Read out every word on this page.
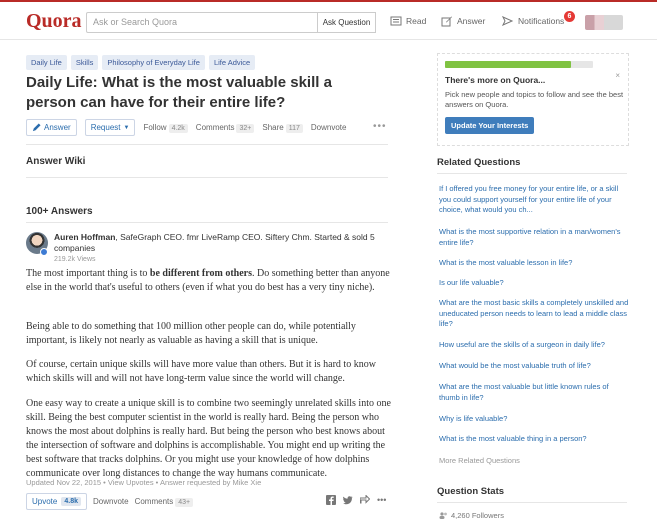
Quora	Ask or Search Quora	Ask Question	Read	Answer	Notifications 6
Daily Life	Skills	Philosophy of Everyday Life	Life Advice
Daily Life: What is the most valuable skill a person can have for their entire life?
Answer	Request ▼ Follow 4.2k	Comments 32+	Share 117	Downvote	•••
Answer Wiki
100+ Answers
Auren Hoffman, SafeGraph CEO. fmr LiveRamp CEO. Siftery Chm. Started & sold 5 companies
219.2k Views
The most important thing is to be different from others. Do something better than anyone else in the world that's useful to others (even if what you do best has a very tiny niche).
Being able to do something that 100 million other people can do, while potentially important, is likely not nearly as valuable as having a skill that is unique.
Of course, certain unique skills will have more value than others. But it is hard to know which skills will and will not have long-term value since the world will change.
One easy way to create a unique skill is to combine two seemingly unrelated skills into one skill. Being the best computer scientist in the world is really hard. Being the person who knows the most about dolphins is really hard. But being the person who best knows about the intersection of software and dolphins is accomplishable. You might end up writing the best software that tracks dolphins. Or you might use your knowledge of how dolphins communicate over long distances to change the way humans communicate.
Updated Nov 22, 2015 • View Upvotes • Answer requested by Mike Xie
Upvote	4.8k	Downvote Comments 43+	•••
There's more on Quora...	×
Pick new people and topics to follow and see the best answers on Quora.
Update Your Interests
Related Questions
If I offered you free money for your entire life, or a skill you could support yourself for your entire life of your choice, what would you ch...
What is the most supportive relation in a man/women's entire life?
What is the most valuable lesson in life?
Is our life valuable?
What are the most basic skills a completely unskilled and uneducated person needs to learn to lead a middle class life?
How useful are the skills of a surgeon in daily life?
What would be the most valuable truth of life?
What are the most valuable but little known rules of thumb in life?
Why is life valuable?
What is the most valuable thing in a person?
More Related Questions
Question Stats
4,260 Followers
